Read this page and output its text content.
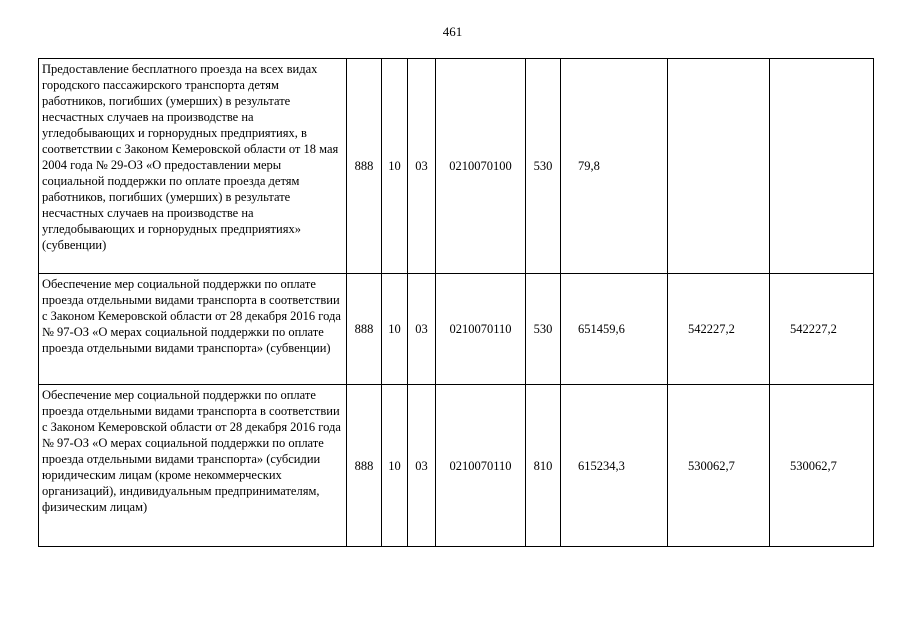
461
Предоставление бесплатного проезда на всех видах городского пассажирского транспорта детям работников, погибших (умерших) в результате несчастных случаев на производстве на угледобывающих и горнорудных предприятиях, в соответствии с Законом Кемеровской области от 18 мая 2004 года № 29-ОЗ «О предоставлении меры социальной поддержки по оплате проезда детям работников, погибших (умерших) в результате несчастных случаев на производстве на угледобывающих и горнорудных предприятиях» (субвенции)	888	10	03	0210070100	530	79,8		
Обеспечение мер социальной поддержки по оплате проезда отдельными видами транспорта в соответствии с Законом Кемеровской области от 28 декабря 2016 года № 97-ОЗ «О мерах социальной поддержки по оплате проезда отдельными видами транспорта» (субвенции)	888	10	03	0210070110	530	651459,6	542227,2	542227,2
Обеспечение мер социальной поддержки по оплате проезда отдельными видами транспорта в соответствии с Законом Кемеровской области от 28 декабря 2016 года № 97-ОЗ «О мерах социальной поддержки по оплате проезда отдельными видами транспорта» (субсидии юридическим лицам (кроме некоммерческих организаций), индивидуальным предпринимателям, физическим лицам)	888	10	03	0210070110	810	615234,3	530062,7	530062,7
